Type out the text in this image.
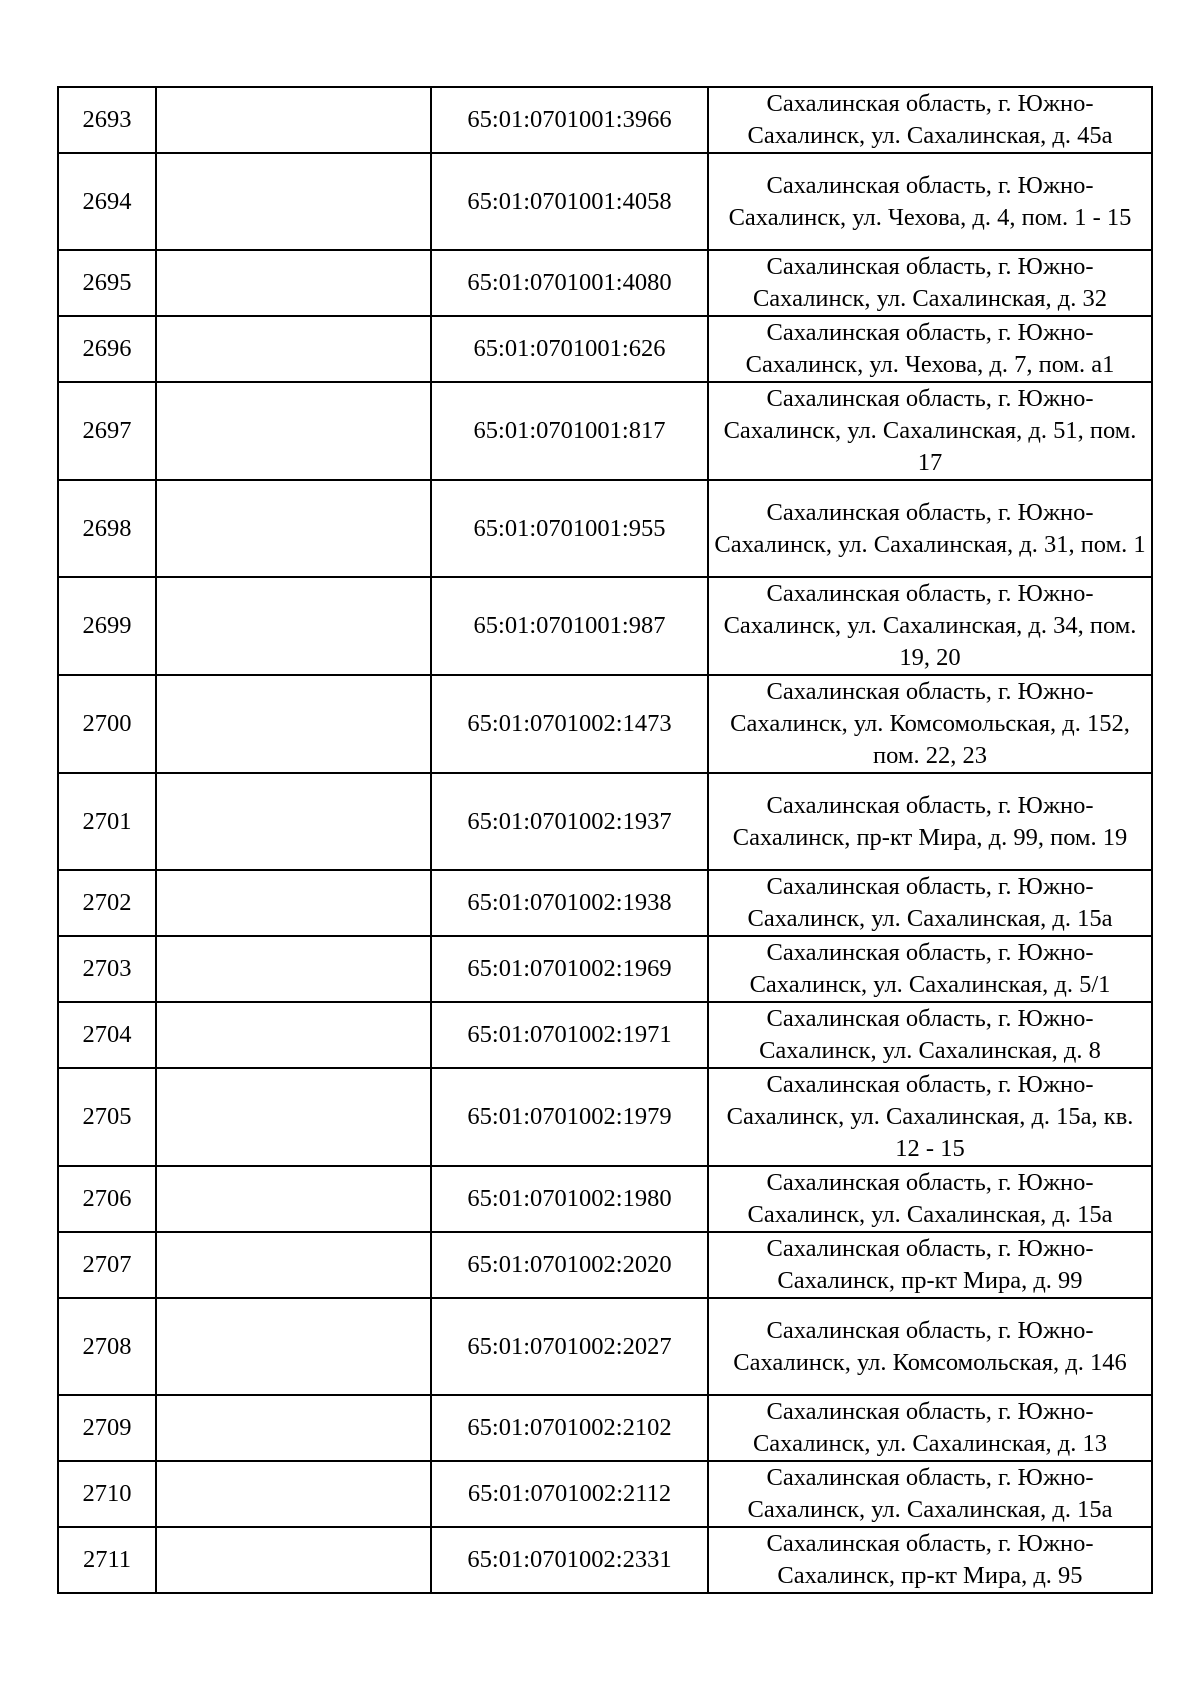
2693		65:01:0701001:3966	Сахалинская область, г. Южно-Сахалинск, ул. Сахалинская, д. 45а
2694		65:01:0701001:4058	Сахалинская область, г. Южно-Сахалинск, ул. Чехова, д. 4, пом. 1 - 15
2695		65:01:0701001:4080	Сахалинская область, г. Южно-Сахалинск, ул. Сахалинская, д. 32
2696		65:01:0701001:626	Сахалинская область, г. Южно-Сахалинск, ул. Чехова, д. 7, пом. а1
2697		65:01:0701001:817	Сахалинская область, г. Южно-Сахалинск, ул. Сахалинская, д. 51, пом. 17
2698		65:01:0701001:955	Сахалинская область, г. Южно-Сахалинск, ул. Сахалинская, д. 31, пом. 1
2699		65:01:0701001:987	Сахалинская область, г. Южно-Сахалинск, ул. Сахалинская, д. 34, пом. 19, 20
2700		65:01:0701002:1473	Сахалинская область, г. Южно-Сахалинск, ул. Комсомольская, д. 152, пом. 22, 23
2701		65:01:0701002:1937	Сахалинская область, г. Южно-Сахалинск, пр-кт Мира, д. 99, пом. 19
2702		65:01:0701002:1938	Сахалинская область, г. Южно-Сахалинск, ул. Сахалинская, д. 15а
2703		65:01:0701002:1969	Сахалинская область, г. Южно-Сахалинск, ул. Сахалинская, д. 5/1
2704		65:01:0701002:1971	Сахалинская область, г. Южно-Сахалинск, ул. Сахалинская, д. 8
2705		65:01:0701002:1979	Сахалинская область, г. Южно-Сахалинск, ул. Сахалинская, д. 15а, кв. 12 - 15
2706		65:01:0701002:1980	Сахалинская область, г. Южно-Сахалинск, ул. Сахалинская, д. 15а
2707		65:01:0701002:2020	Сахалинская область, г. Южно-Сахалинск, пр-кт Мира, д. 99
2708		65:01:0701002:2027	Сахалинская область, г. Южно-Сахалинск, ул. Комсомольская, д. 146
2709		65:01:0701002:2102	Сахалинская область, г. Южно-Сахалинск, ул. Сахалинская, д. 13
2710		65:01:0701002:2112	Сахалинская область, г. Южно-Сахалинск, ул. Сахалинская, д. 15а
2711		65:01:0701002:2331	Сахалинская область, г. Южно-Сахалинск, пр-кт Мира, д. 95
